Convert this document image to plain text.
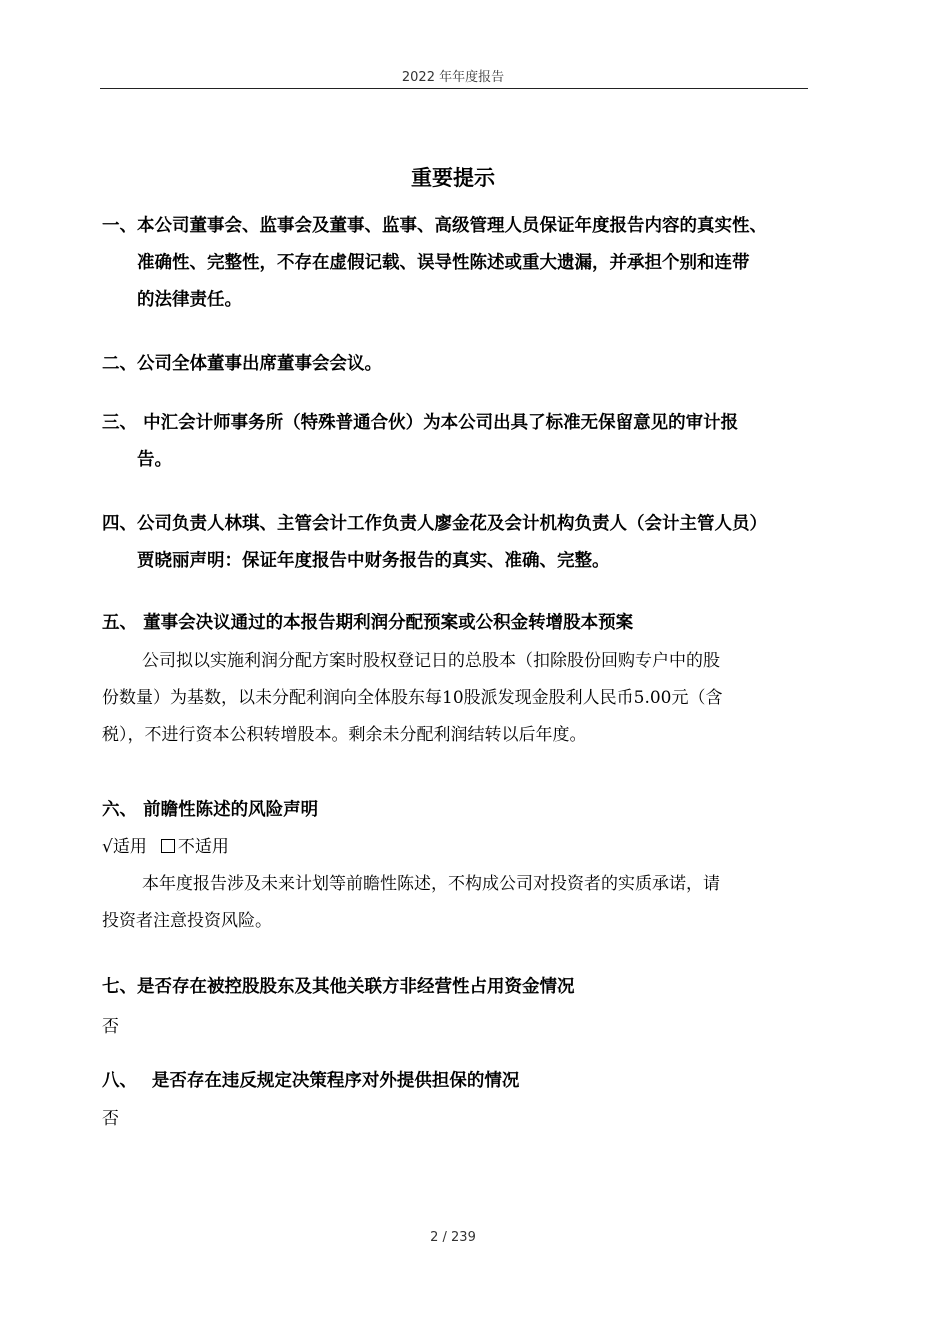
2022 年年度报告
重要提示
一、本公司董事会、监事会及董事、监事、高级管理人员保证年度报告内容的真实性、
准确性、完整性，不存在虚假记载、误导性陈述或重大遗漏，并承担个别和连带
的法律责任。
二、公司全体董事出席董事会会议。
三、 中汇会计师事务所（特殊普通合伙）为本公司出具了标准无保留意见的审计报
告。
四、公司负责人林琪、主管会计工作负责人廖金花及会计机构负责人（会计主管人员）
贾晓丽声明：保证年度报告中财务报告的真实、准确、完整。
五、 董事会决议通过的本报告期利润分配预案或公积金转增股本预案
公司拟以实施利润分配方案时股权登记日的总股本（扣除股份回购专户中的股
份数量）为基数，以未分配利润向全体股东每10股派发现金股利人民币5.00元（含
税），不进行资本公积转增股本。剩余未分配利润结转以后年度。
六、 前瞻性陈述的风险声明
√适用 不适用
本年度报告涉及未来计划等前瞻性陈述，不构成公司对投资者的实质承诺，请
投资者注意投资风险。
七、是否存在被控股股东及其他关联方非经营性占用资金情况
否
八、　 是否存在违反规定决策程序对外提供担保的情况
否
2 / 239
